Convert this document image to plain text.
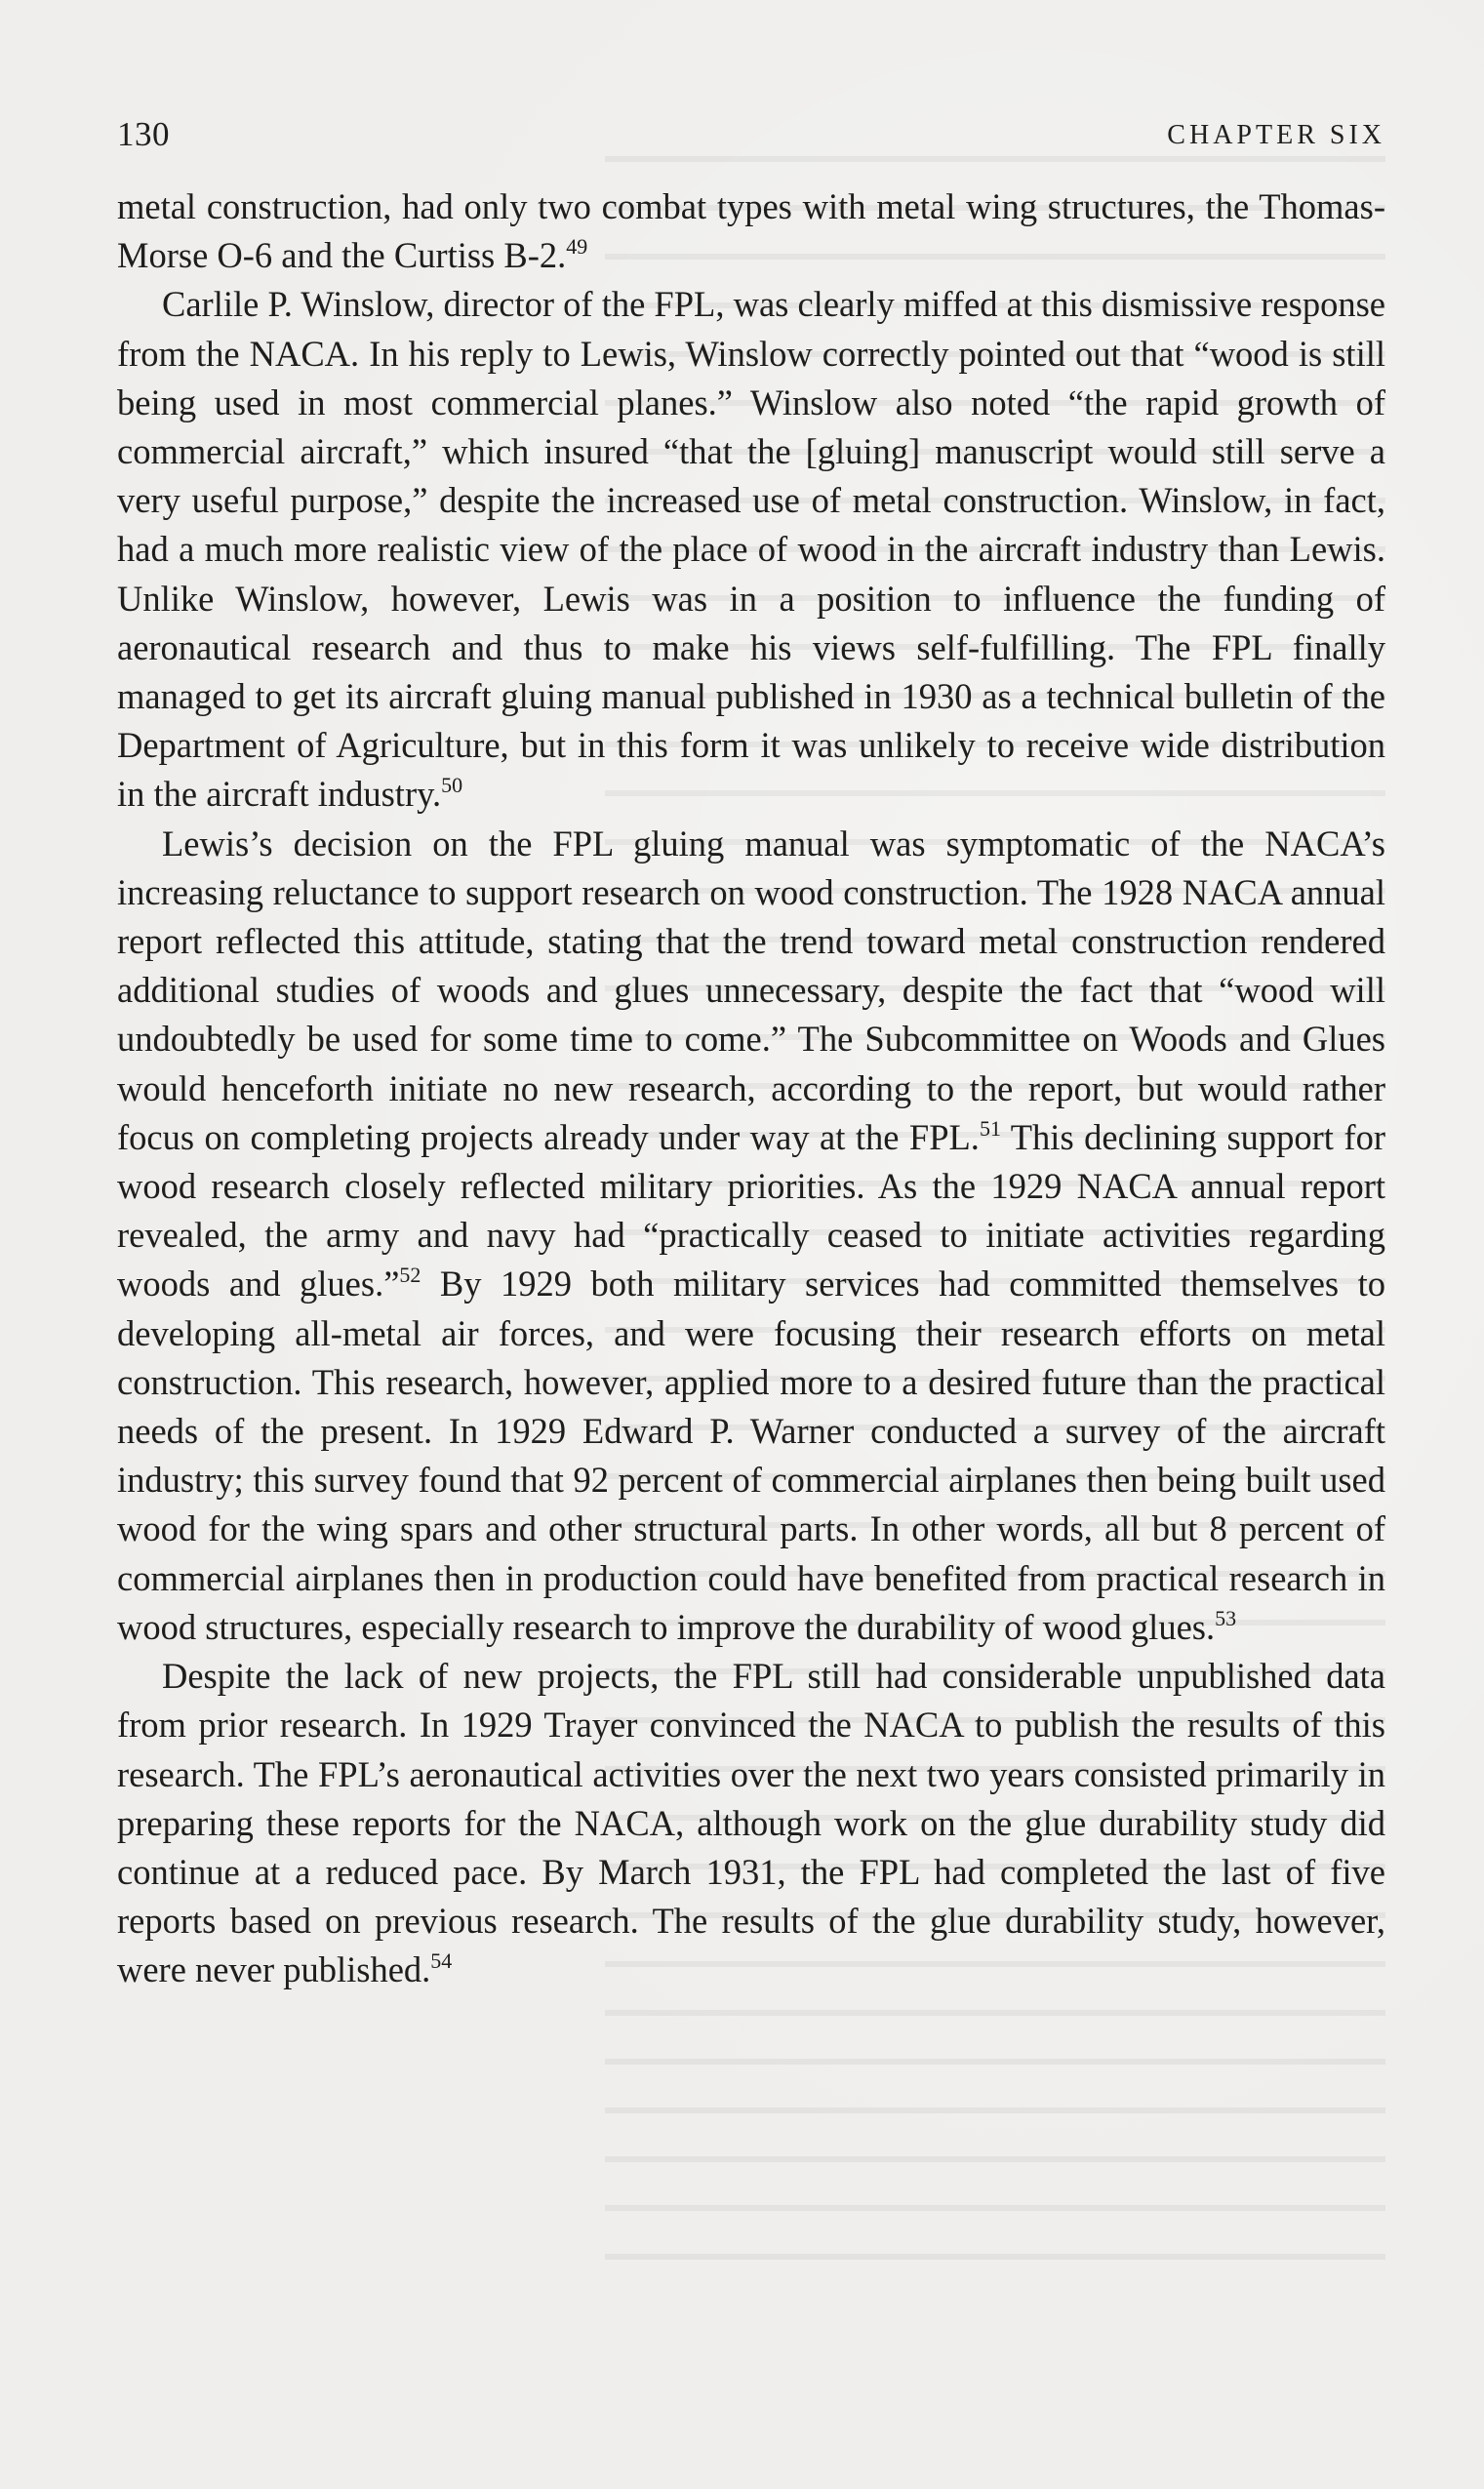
130	CHAPTER SIX

metal construction, had only two combat types with metal wing structures, the Thomas-Morse O-6 and the Curtiss B-2.49

Carlile P. Winslow, director of the FPL, was clearly miffed at this dismissive response from the NACA. In his reply to Lewis, Winslow correctly pointed out that “wood is still being used in most commercial planes.” Winslow also noted “the rapid growth of commercial aircraft,” which insured “that the [gluing] manuscript would still serve a very useful purpose,” despite the increased use of metal construction. Winslow, in fact, had a much more realistic view of the place of wood in the aircraft industry than Lewis. Unlike Winslow, however, Lewis was in a position to influence the funding of aeronautical research and thus to make his views self-fulfilling. The FPL finally managed to get its aircraft gluing manual published in 1930 as a technical bulletin of the Department of Agriculture, but in this form it was unlikely to receive wide distribution in the aircraft industry.$^{50}$

Lewis’s decision on the FPL gluing manual was symptomatic of the NACA’s increasing reluctance to support research on wood construction. The 1928 NACA annual report reflected this attitude, stating that the trend toward metal construction rendered additional studies of woods and glues unnecessary, despite the fact that “wood will undoubtedly be used for some time to come.” The Subcommittee on Woods and Glues would henceforth initiate no new research, according to the report, but would rather focus on completing projects already under way at the FPL.$^{51}$ This declining support for wood research closely reflected military priorities. As the 1929 NACA annual report revealed, the army and navy had “practically ceased to initiate activities regarding woods and glues.”$^{52}$ By 1929 both military services had committed themselves to developing all-metal air forces, and were focusing their research efforts on metal construction. This research, however, applied more to a desired future than the practical needs of the present. In 1929 Edward P. Warner conducted a survey of the aircraft industry; this survey found that 92 percent of commercial airplanes then being built used wood for the wing spars and other structural parts. In other words, all but 8 percent of commercial airplanes then in production could have benefited from practical research in wood structures, especially research to improve the durability of wood glues.$^{53}$

Despite the lack of new projects, the FPL still had considerable unpublished data from prior research. In 1929 Trayer convinced the NACA to publish the results of this research. The FPL’s aeronautical activities over the next two years consisted primarily in preparing these reports for the NACA, although work on the glue durability study did continue at a reduced pace. By March 1931, the FPL had completed the last of five reports based on previous research. The results of the glue durability study, however, were never published.$^{54}$
